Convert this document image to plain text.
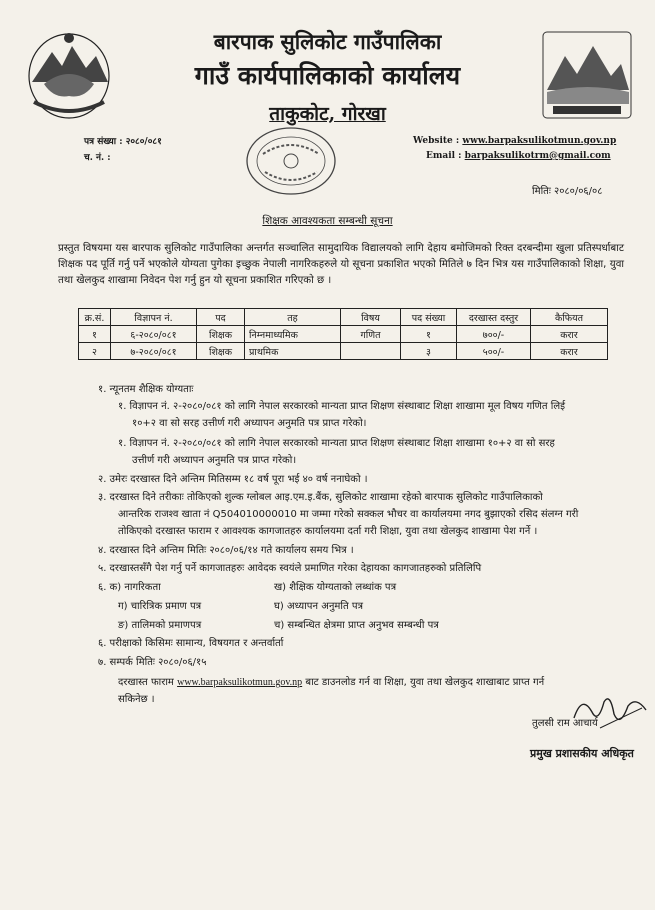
बारपाक सुलिकोट गाउँपालिका
गाउँ कार्यपालिकाको कार्यालय
ताकुकोट, गोरखा
पत्र संख्या : २०८०/०८१
च. नं. :
Website : www.barpaksulikotmun.gov.np
Email : barpaksulikotrm@gmail.com
मितिः २०८०/०६/०८
शिक्षक आवश्यकता सम्बन्धी सूचना
प्रस्तुत विषयमा यस बारपाक सुलिकोट गाउँपालिका अन्तर्गत सञ्चालित सामुदायिक विद्यालयको लागि देहाय बमोजिमको रिक्त दरबन्दीमा खुला प्रतिस्पर्धाबाट शिक्षक पद पूर्ति गर्नु पर्ने भएकोले योग्यता पुगेका इच्छुक नेपाली नागरिकहरुले यो सूचना प्रकाशित भएको मितिले ७ दिन भित्र यस गाउँपालिकाको शिक्षा, युवा तथा खेलकुद शाखामा निवेदन पेश गर्नु हुन यो सूचना प्रकाशित गरिएको छ ।
क्र.सं.	विज्ञापन नं.	पद	तह	विषय	पद संख्या	दरखास्त दस्तुर	कैफियत
१	६-२०८०/०८१	शिक्षक	निम्नमाध्यमिक	गणित	१	७००/-	करार
२	७-२०८०/०८१	शिक्षक	प्राथमिक		३	५००/-	करार
१. न्यूनतम शैक्षिक योग्यताः
१. विज्ञापन नं. २-२०८०/०८१ को लागि नेपाल सरकारको मान्यता प्राप्त शिक्षण संस्थाबाट शिक्षा शाखामा मूल विषय गणित लिई
१०+२ वा सो सरह उत्तीर्ण गरी अध्यापन अनुमति पत्र प्राप्त गरेको।
१. विज्ञापन नं. २-२०८०/०८१ को लागि नेपाल सरकारको मान्यता प्राप्त शिक्षण संस्थाबाट शिक्षा शाखामा १०+२ वा सो सरह
उत्तीर्ण गरी अध्यापन अनुमति पत्र प्राप्त गरेको।
२. उमेरः दरखास्त दिने अन्तिम मितिसम्म १८ वर्ष पूरा भई ४० वर्ष ननाघेको ।
३. दरखास्त दिने तरीकाः तोकिएको शुल्क ग्लोबल आइ.एम.इ.बैंक, सुलिकोट शाखामा रहेको बारपाक सुलिकोट गाउँपालिकाको
आन्तरिक राजश्व खाता नं Q504010000010 मा जम्मा गरेको सक्कल भौचर वा कार्यालयमा नगद बुझाएको रसिद संलग्न गरी
तोकिएको दरखास्त फाराम र आवश्यक कागजातहरु कार्यालयमा दर्ता गरी शिक्षा, युवा तथा खेलकुद शाखामा पेश गर्ने ।
४. दरखास्त दिने अन्तिम मितिः २०८०/०६/१४ गते कार्यालय समय भित्र ।
५. दरखास्तसँगै पेश गर्नु पर्ने कागजातहरुः आवेदक स्वयंले प्रमाणित गरेका देहायका कागजातहरुको प्रतिलिपि
६. क) नागरिकता	ख) शैक्षिक योग्यताको लब्धांक पत्र
ग) चारित्रिक प्रमाण पत्र	घ) अध्यापन अनुमति पत्र
ङ) तालिमको प्रमाणपत्र	च) सम्बन्धित क्षेत्रमा प्राप्त अनुभव सम्बन्धी पत्र
६. परीक्षाको किसिमः सामान्य, विषयगत र अन्तर्वार्ता
७. सम्पर्क मितिः २०८०/०६/१५
दरखास्त फाराम www.barpaksulikotmun.gov.np बाट डाउनलोड गर्न वा शिक्षा, युवा तथा खेलकुद शाखाबाट प्राप्त गर्न
सकिनेछ ।
तुलसी राम आचार्य
प्रमुख प्रशासकीय अधिकृत
